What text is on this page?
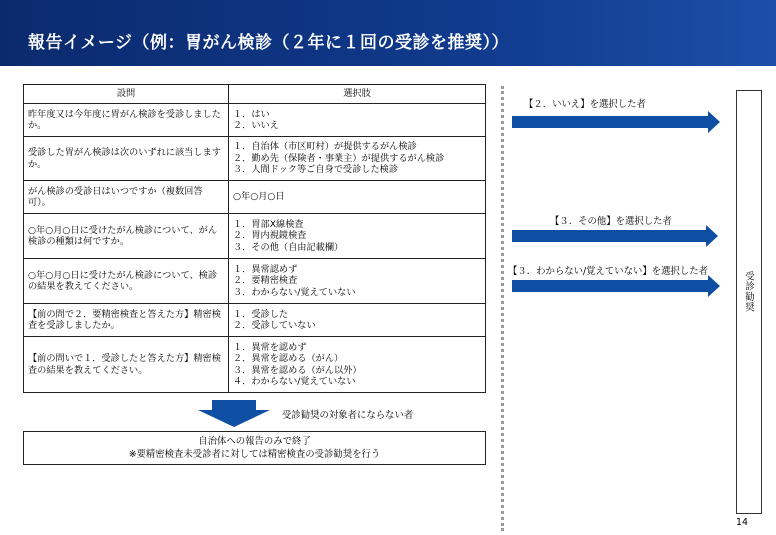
報告イメージ（例：胃がん検診（２年に１回の受診を推奨））
設問	選択肢
昨年度又は今年度に胃がん検診を受診しましたか。	１．はい
２．いいえ

受診した胃がん検診は次のいずれに該当しますか。	１．自治体（市区町村）が提供するがん検診
２．勤め先（保険者・事業主）が提供するがん検診
３．人間ドック等ご自身で受診した検診

がん検診の受診日はいつですか（複数回答可）。	○年○月○日

○年○月○日に受けたがん検診について、がん検診の種類は何ですか。	１．胃部X線検査
２．胃内視鏡検査
３．その他（自由記載欄）

○年○月○日に受けたがん検診について、検診の結果を教えてください。	１．異常認めず
２．要精密検査
３．わからない/覚えていない

【前の問で２．要精密検査と答えた方】精密検査を受診しましたか。	１．受診した
２．受診していない

【前の問いで１．受診したと答えた方】精密検査の結果を教えてください。	１．異常を認めず
２．異常を認める（がん）
３．異常を認める（がん以外）
４．わからない/覚えていない
【２．いいえ】を選択した者
【３．その他】を選択した者
【３．わからない/覚えていない】を選択した者	受診勧奨
受診勧奨の対象者にならない者
自治体への報告のみで終了
※要精密検査未受診者に対しては精密検査の受診勧奨を行う
14
